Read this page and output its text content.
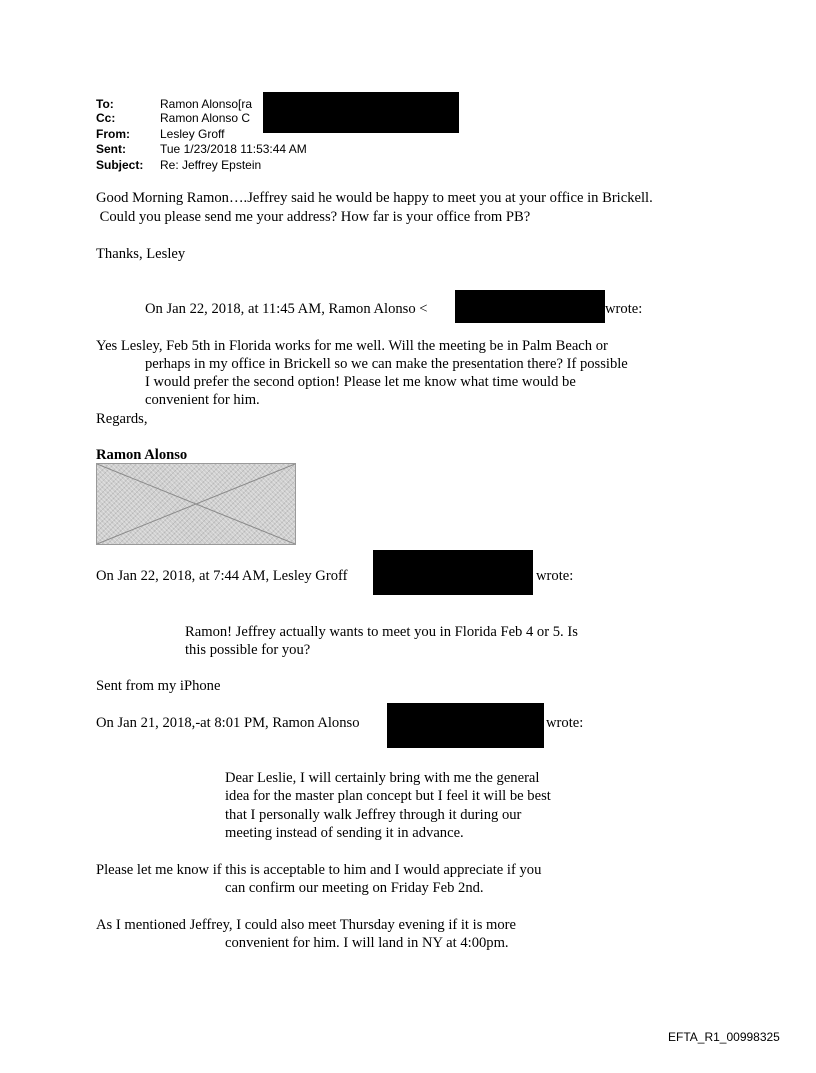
To:	Ramon Alonso[ra
Cc:	Ramon Alonso C
From:	Lesley Groff
Sent:	Tue 1/23/2018 11:53:44 AM
Subject: Re: Jeffrey Epstein
Good Morning Ramon….Jeffrey said he would be happy to meet you at your office in Brickell.
Could you please send me your address? How far is your office from PB?
Thanks, Lesley
On Jan 22, 2018, at 11:45 AM, Ramon Alonso <	wrote:
Yes Lesley, Feb 5th in Florida works for me well. Will the meeting be in Palm Beach or
perhaps in my office in Brickell so we can make the presentation there? If possible
I would prefer the second option! Please let me know what time would be
convenient for him.
Regards,
Ramon Alonso
On Jan 22, 2018, at 7:44 AM, Lesley Groff	wrote:
Ramon! Jeffrey actually wants to meet you in Florida Feb 4 or 5. Is
this possible for you?
Sent from my iPhone
On Jan 21, 2018,-at 8:01 PM, Ramon Alonso	wrote:
Dear Leslie, I will certainly bring with me the general
idea for the master plan concept but I feel it will be best
that I personally walk Jeffrey through it during our
meeting instead of sending it in advance.
Please let me know if this is acceptable to him and I would appreciate if you
can confirm our meeting on Friday Feb 2nd.
As I mentioned Jeffrey, I could also meet Thursday evening if it is more
convenient for him. I will land in NY at 4:00pm.
EFTA_R1_00998325
